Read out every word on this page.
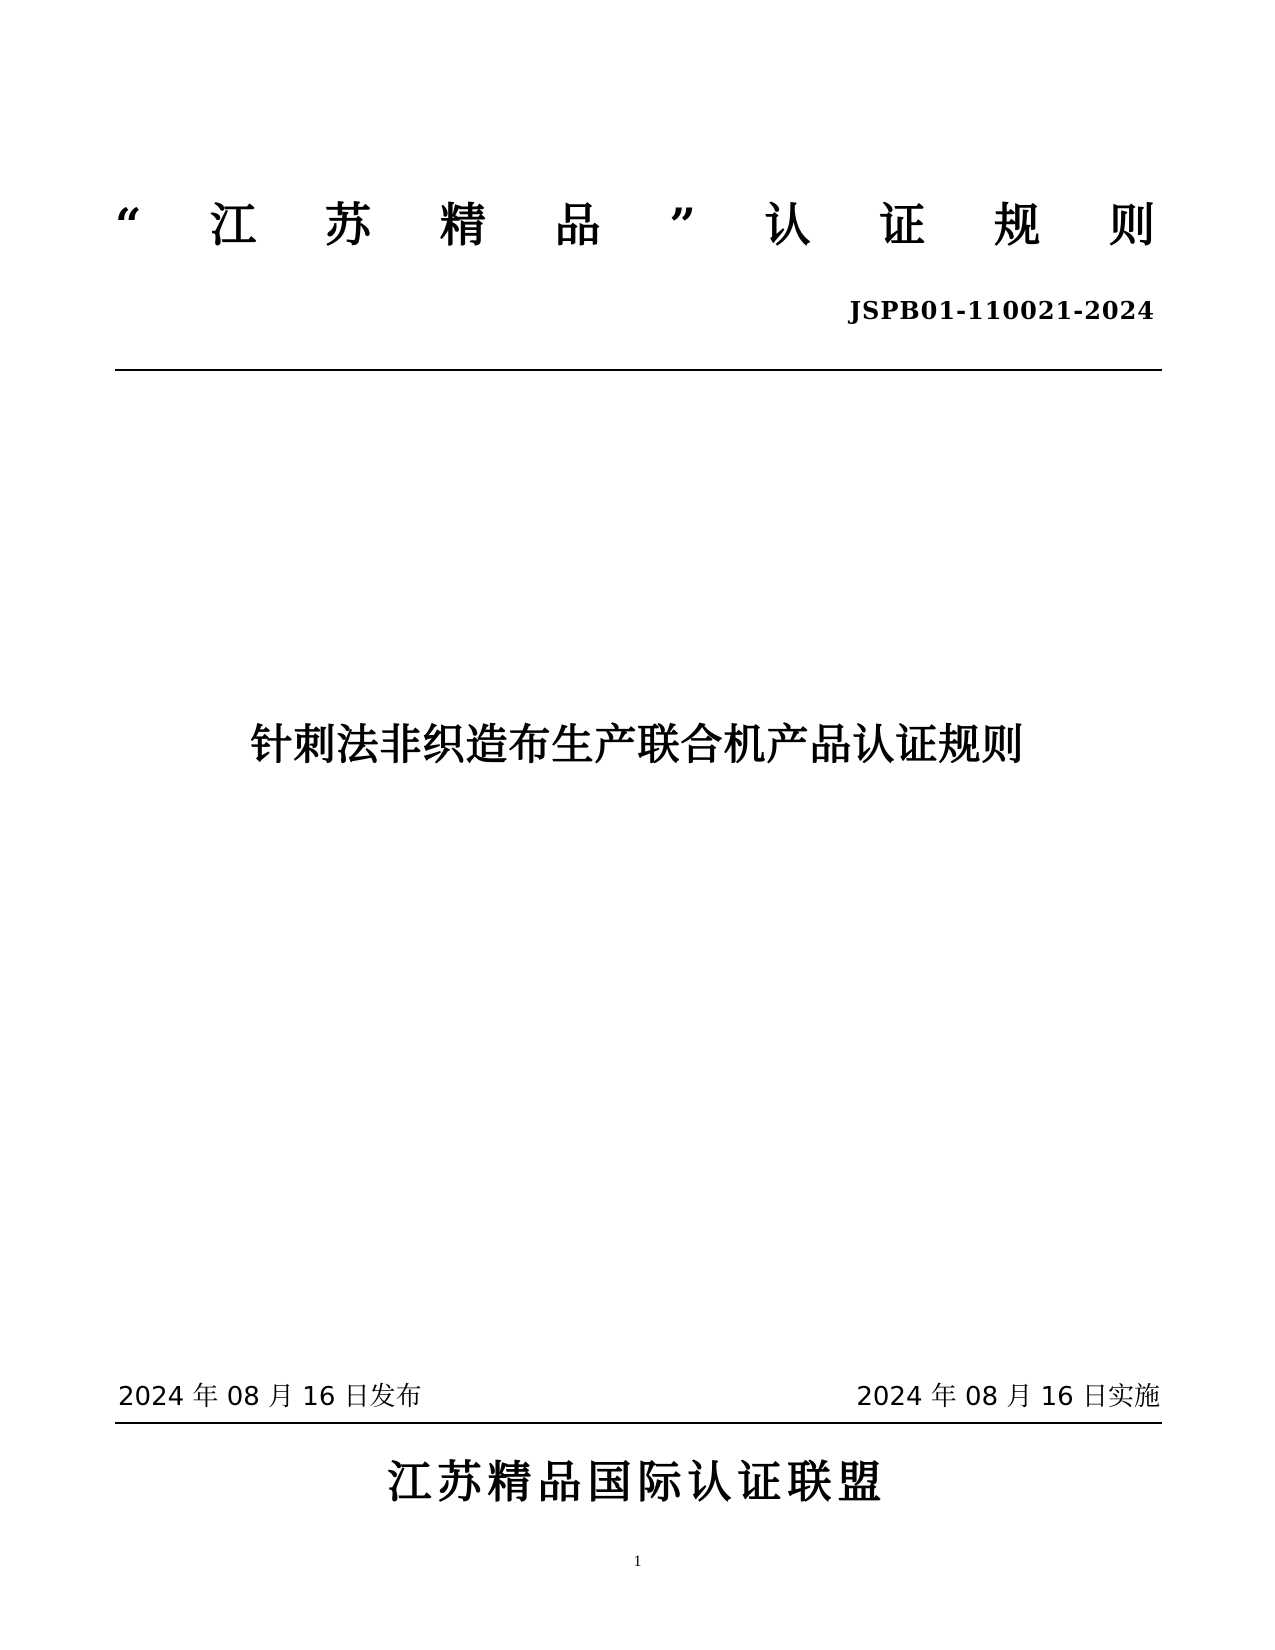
“ 江 苏 精 品 ” 认 证 规 则
JSPB01-110021-2024
针刺法非织造布生产联合机产品认证规则
2024 年 08 月 16 日发布	2024 年 08 月 16 日实施
江苏精品国际认证联盟
1
